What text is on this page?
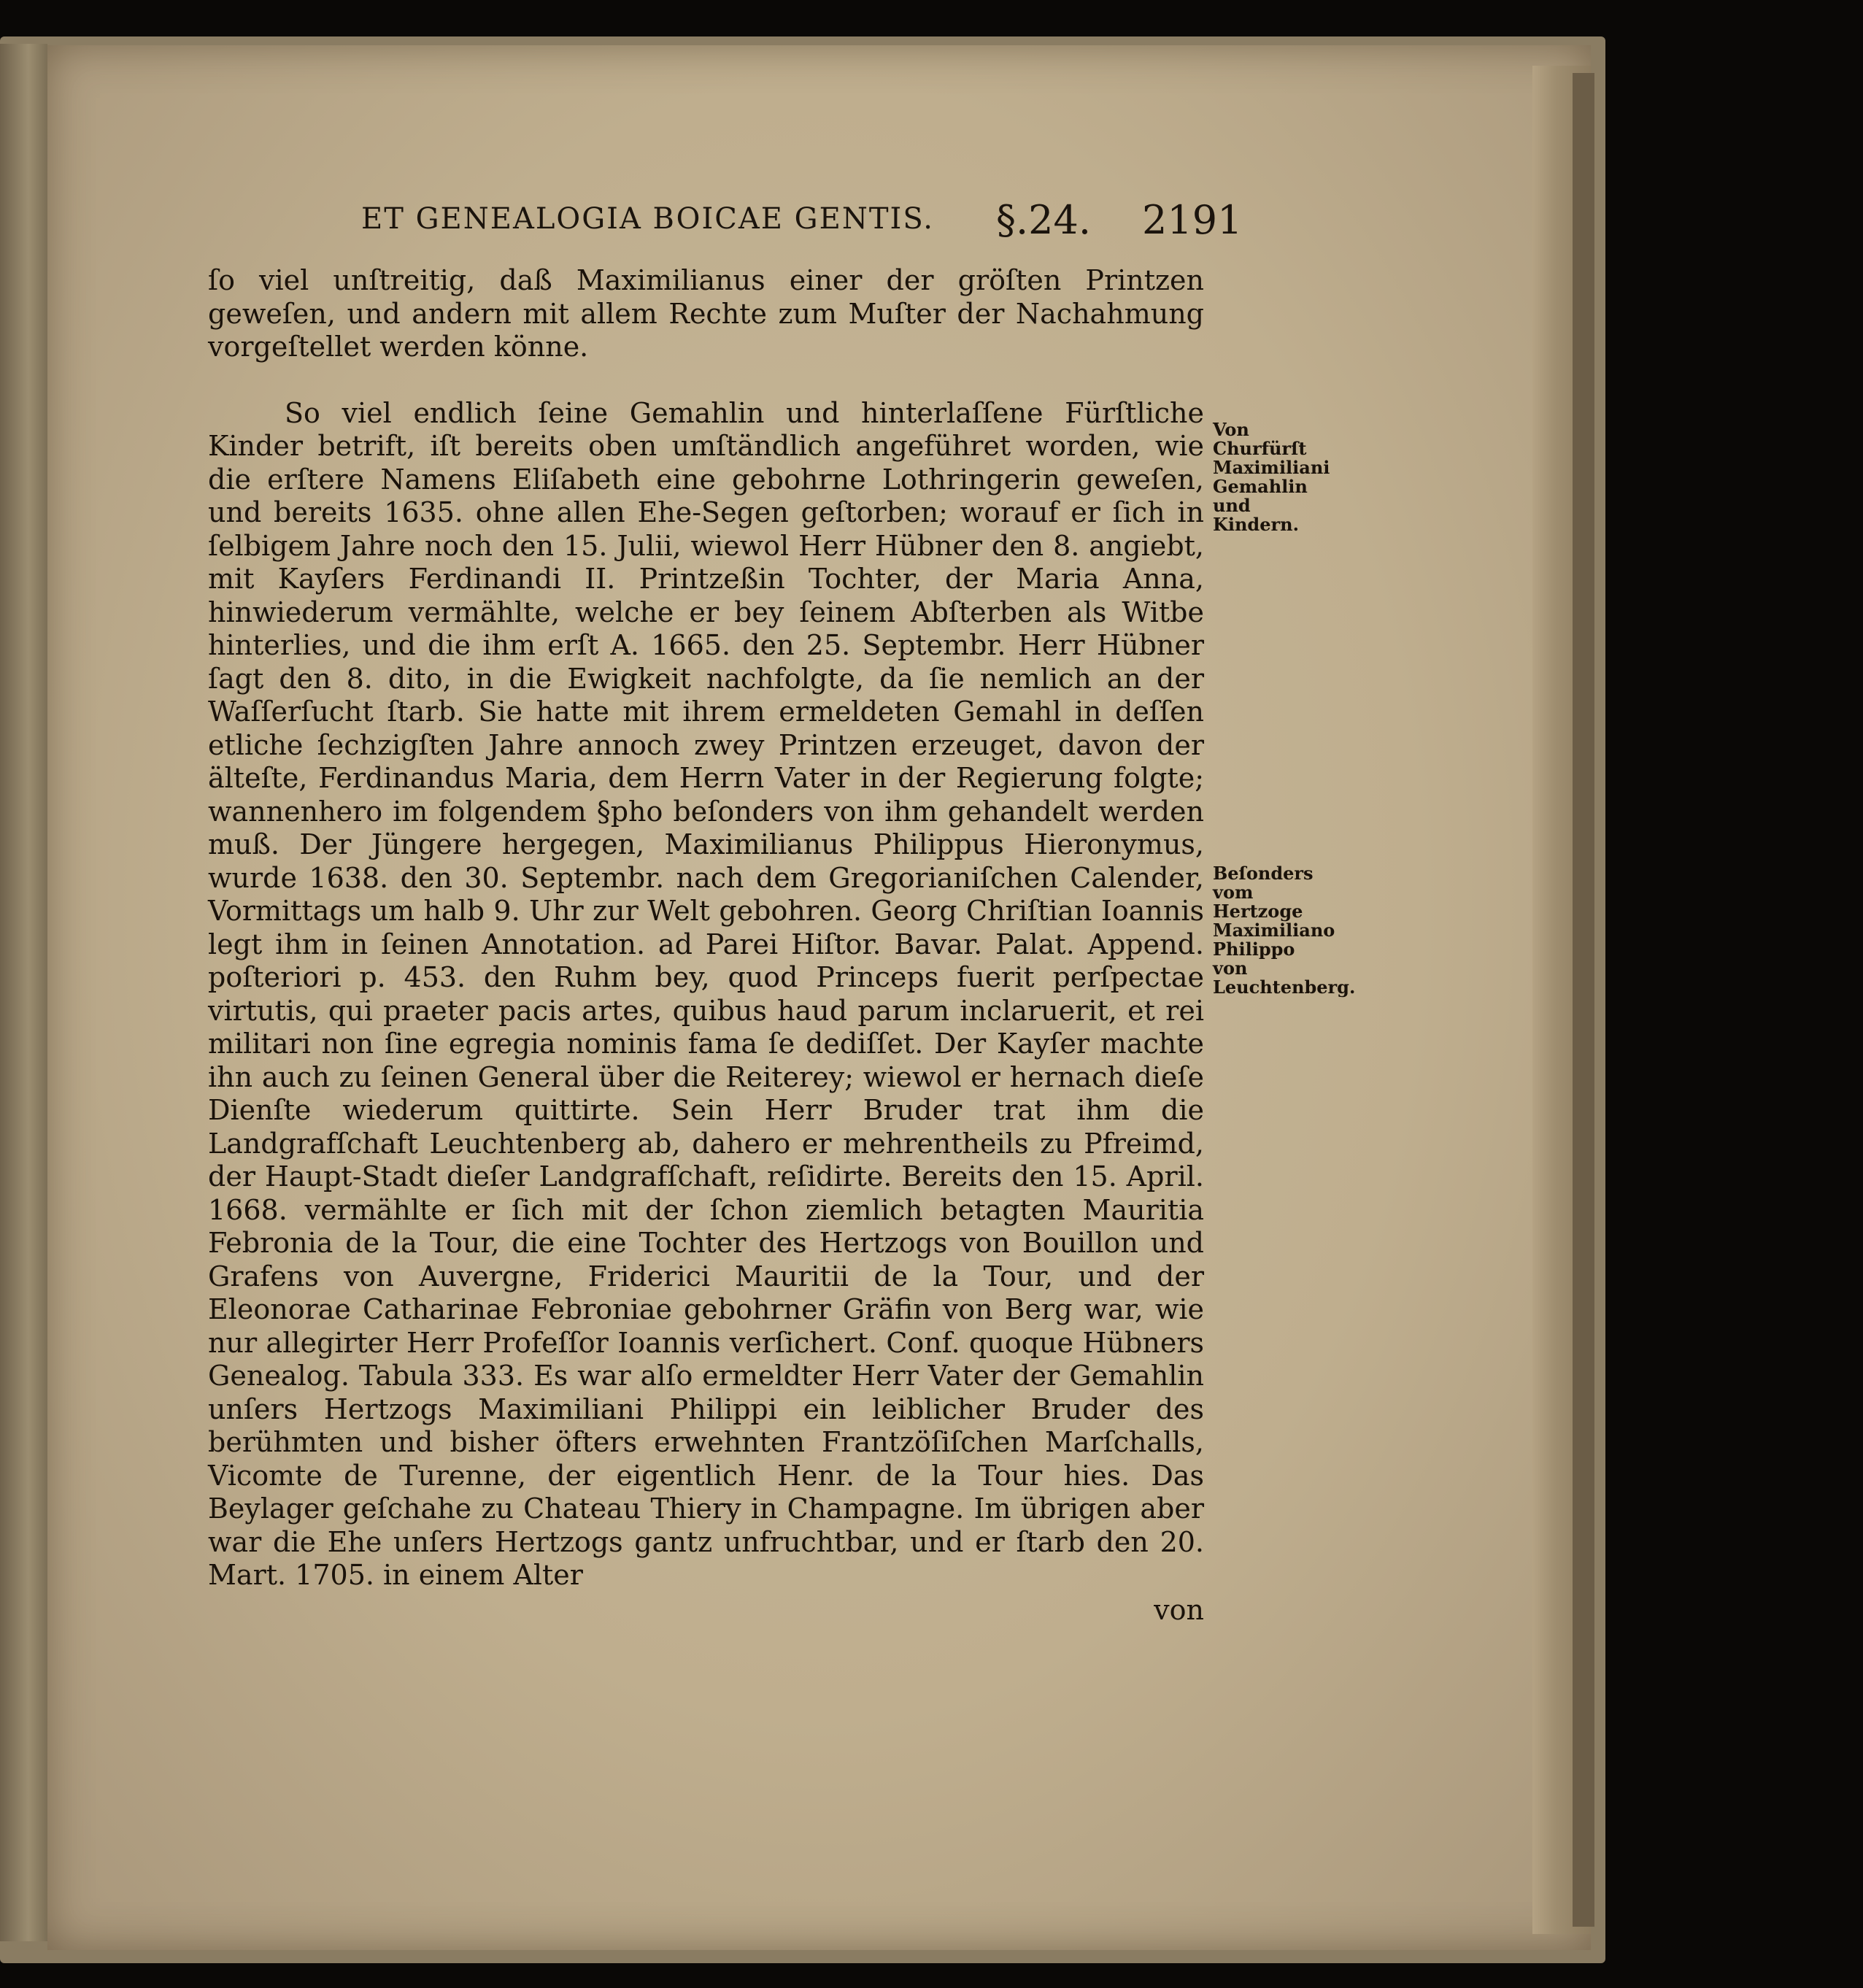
ET GENEALOGIA BOICAE GENTIS. §.24. 2191

ſo viel unſtreitig, daß Maximilianus einer der gröſten Printzen geweſen, und andern mit allem Rechte zum Muſter der Nachahmung vorgeſtellet werden könne.

So viel endlich ſeine Gemahlin und hinterlaſſene Fürſtliche Kinder betrift, iſt bereits oben umſtändlich angeführet worden, wie die erſtere Namens Eliſabeth eine gebohrne Lothringerin geweſen, und bereits 1635. ohne allen Ehe-Segen geſtorben; worauf er ſich in ſelbigem Jahre noch den 15. Julii, wiewol Herr Hübner den 8. angiebt, mit Kayſers Ferdinandi II. Printzeßin Tochter, der Maria Anna, hinwiederum vermählte, welche er bey ſeinem Abſterben als Witbe hinterlies, und die ihm erſt A. 1665. den 25. Septembr. Herr Hübner ſagt den 8. dito, in die Ewigkeit nachfolgte, da ſie nemlich an der Waſſerſucht ſtarb. Sie hatte mit ihrem ermeldeten Gemahl in deſſen etliche ſechzigſten Jahre annoch zwey Printzen erzeuget, davon der älteſte, Ferdinandus Maria, dem Herrn Vater in der Regierung folgte; wannenhero im folgendem §pho beſonders von ihm gehandelt werden muß. Der Jüngere hergegen, Maximilianus Philippus Hieronymus, wurde 1638. den 30. Septembr. nach dem Gregorianiſchen Calender, Vormittags um halb 9. Uhr zur Welt gebohren. Georg Chriſtian Ioannis legt ihm in ſeinen Annotation. ad Parei Hiſtor. Bavar. Palat. Append. poſteriori p. 453. den Ruhm bey, quod Princeps fuerit perſpectae virtutis, qui praeter pacis artes, quibus haud parum inclaruerit, et rei militari non ſine egregia nominis fama ſe dediſſet. Der Kayſer machte ihn auch zu ſeinen General über die Reiterey; wiewol er hernach dieſe Dienſte wiederum quittirte. Sein Herr Bruder trat ihm die Landgrafſchaft Leuchtenberg ab, dahero er mehrentheils zu Pfreimd, der Haupt-Stadt dieſer Landgrafſchaft, reſidirte. Bereits den 15. April. 1668. vermählte er ſich mit der ſchon ziemlich betagten Mauritia Febronia de la Tour, die eine Tochter des Hertzogs von Bouillon und Grafens von Auvergne, Friderici Mauritii de la Tour, und der Eleonorae Catharinae Febroniae gebohrner Gräfin von Berg war, wie nur allegirter Herr Profeſſor Ioannis verſichert. Conf. quoque Hübners Genealog. Tabula 333. Es war alſo ermeldter Herr Vater der Gemahlin unſers Hertzogs Maximiliani Philippi ein leiblicher Bruder des berühmten und bisher öfters erwehnten Frantzöſiſchen Marſchalls, Vicomte de Turenne, der eigentlich Henr. de la Tour hies. Das Beylager geſchahe zu Chateau Thiery in Champagne. Im übrigen aber war die Ehe unſers Hertzogs gantz unfruchtbar, und er ſtarb den 20. Mart. 1705. in einem Alter

von

Von Churfürſt Maximiliani Gemahlin und Kindern.
Beſonders vom Hertzoge Maximiliano Philippo von Leuchtenberg.
